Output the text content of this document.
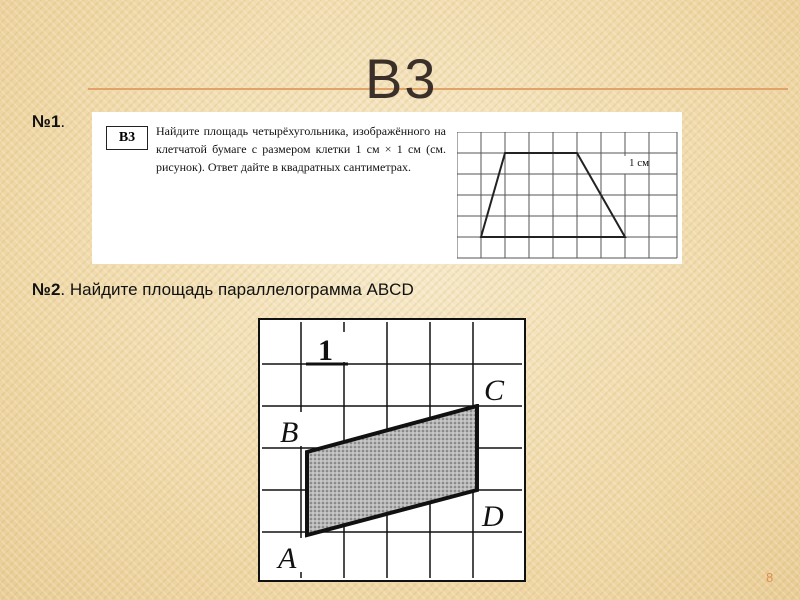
B3
№1.
B3	Найдите площадь четырёхугольника, изображённого на клетчатой бумаге с размером клетки 1 см × 1 см (см. рисунок). Ответ дайте в квадратных сантиметрах.	1 см
№2. Найдите площадь параллелограмма ABCD
1
C
B
D
A
8
